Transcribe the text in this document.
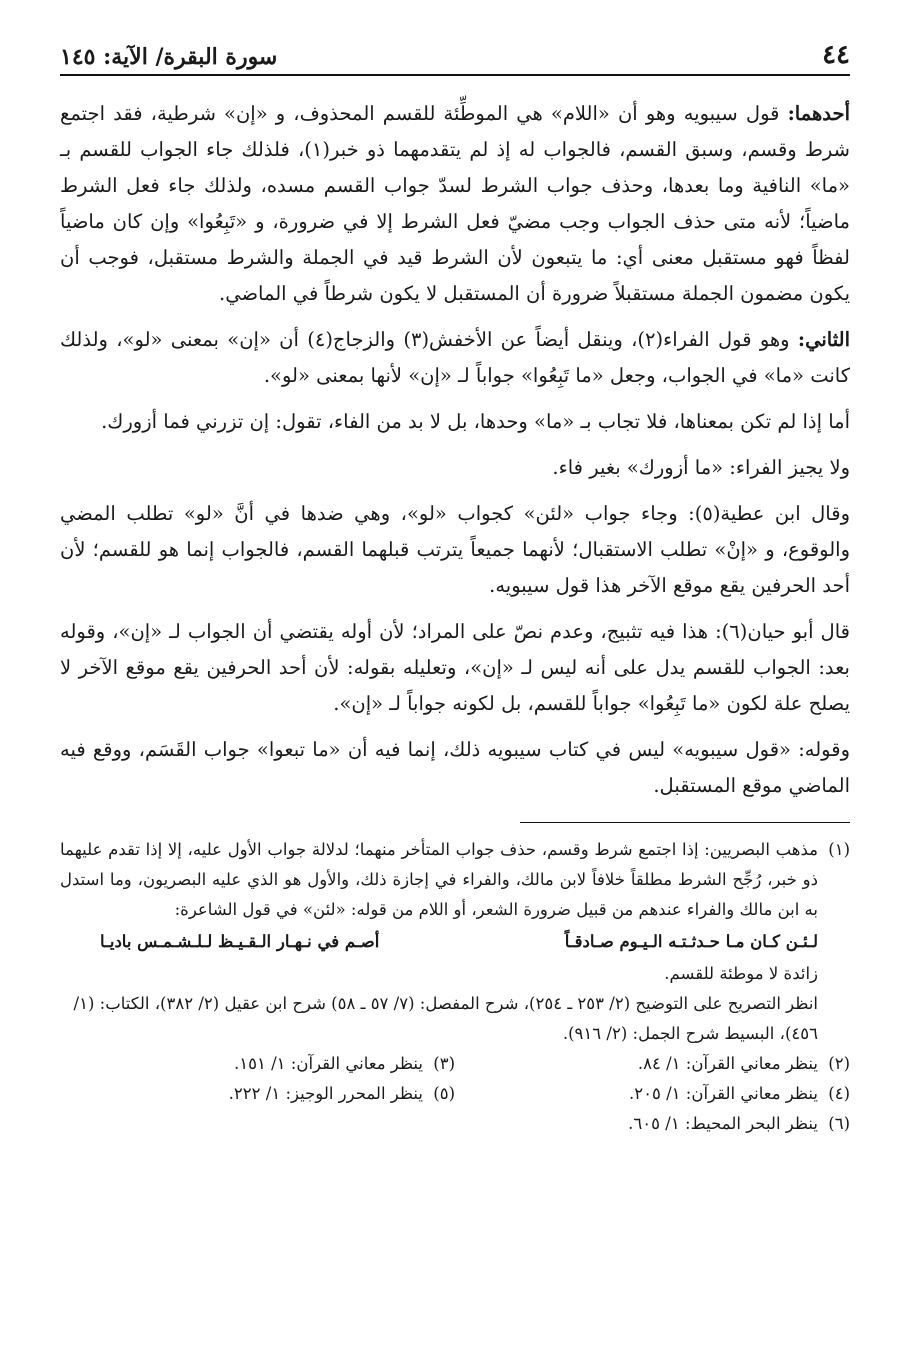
٤٤
سورة البقرة/ الآية: ١٤٥

أحدهما: قول سيبويه وهو أن «اللام» هي الموطِّئة للقسم المحذوف، و «إن» شرطية، فقد اجتمع شرط وقسم، وسبق القسم، فالجواب له إذ لم يتقدمهما ذو خبر(١)، فلذلك جاء الجواب للقسم بـ «ما» النافية وما بعدها، وحذف جواب الشرط لسدّ جواب القسم مسده، ولذلك جاء فعل الشرط ماضياً؛ لأنه متى حذف الجواب وجب مضيّ فعل الشرط إلا في ضرورة، و «تَبِعُوا» وإن كان ماضياً لفظاً فهو مستقبل معنى أي: ما يتبعون لأن الشرط قيد في الجملة والشرط مستقبل، فوجب أن يكون مضمون الجملة مستقبلاً ضرورة أن المستقبل لا يكون شرطاً في الماضي.

الثاني: وهو قول الفراء(٢)، وينقل أيضاً عن الأخفش(٣) والزجاج(٤) أن «إن» بمعنى «لو»، ولذلك كانت «ما» في الجواب، وجعل «ما تَبِعُوا» جواباً لـ «إن» لأنها بمعنى «لو».

أما إذا لم تكن بمعناها، فلا تجاب بـ «ما» وحدها، بل لا بد من الفاء، تقول: إن تزرني فما أزورك.

ولا يجيز الفراء: «ما أزورك» بغير فاء.

وقال ابن عطية(٥): وجاء جواب «لئن» كجواب «لو»، وهي ضدها في أنَّ «لو» تطلب المضي والوقوع، و «إنْ» تطلب الاستقبال؛ لأنهما جميعاً يترتب قبلهما القسم، فالجواب إنما هو للقسم؛ لأن أحد الحرفين يقع موقع الآخر هذا قول سيبويه.

قال أبو حيان(٦): هذا فيه تثبيج، وعدم نصّ على المراد؛ لأن أوله يقتضي أن الجواب لـ «إن»، وقوله بعد: الجواب للقسم يدل على أنه ليس لـ «إن»، وتعليله بقوله: لأن أحد الحرفين يقع موقع الآخر لا يصلح علة لكون «ما تَبِعُوا» جواباً للقسم، بل لكونه جواباً لـ «إن».

وقوله: «قول سيبويه» ليس في كتاب سيبويه ذلك، إنما فيه أن «ما تبعوا» جواب القَسَم، ووقع فيه الماضي موقع المستقبل.

(١)
مذهب البصريين: إذا اجتمع شرط وقسم، حذف جواب المتأخر منهما؛ لدلالة جواب الأول عليه، إلا إذا تقدم عليهما ذو خبر، رُجِّح الشرط مطلقاً خلافاً لابن مالك، والفراء في إجازة ذلك، والأول هو الذي عليه البصريون، وما استدل به ابن مالك والفراء عندهم من قبيل ضرورة الشعر، أو اللام من قوله: «لئن» في قول الشاعرة:
لـئـن كـان مـا حـدثـتـه الـيـوم صـادقـاً
أصـم في نـهـار الـقـيـظ لـلـشـمـس باديـا
زائدة لا موطئة للقسم.
انظر التصريح على التوضيح (٢/ ٢٥٣ ـ ٢٥٤)، شرح المفصل: (٧/ ٥٧ ـ ٥٨) شرح ابن عقيل (٢/ ٣٨٢)، الكتاب: (١/ ٤٥٦)، البسيط شرح الجمل: (٢/ ٩١٦).
(٢)
ينظر معاني القرآن: ١/ ٨٤.
(٣)
ينظر معاني القرآن: ١/ ١٥١.
(٤)
ينظر معاني القرآن: ١/ ٢٠٥.
(٥)
ينظر المحرر الوجيز: ١/ ٢٢٢.
(٦)
ينظر البحر المحيط: ١/ ٦٠٥.
